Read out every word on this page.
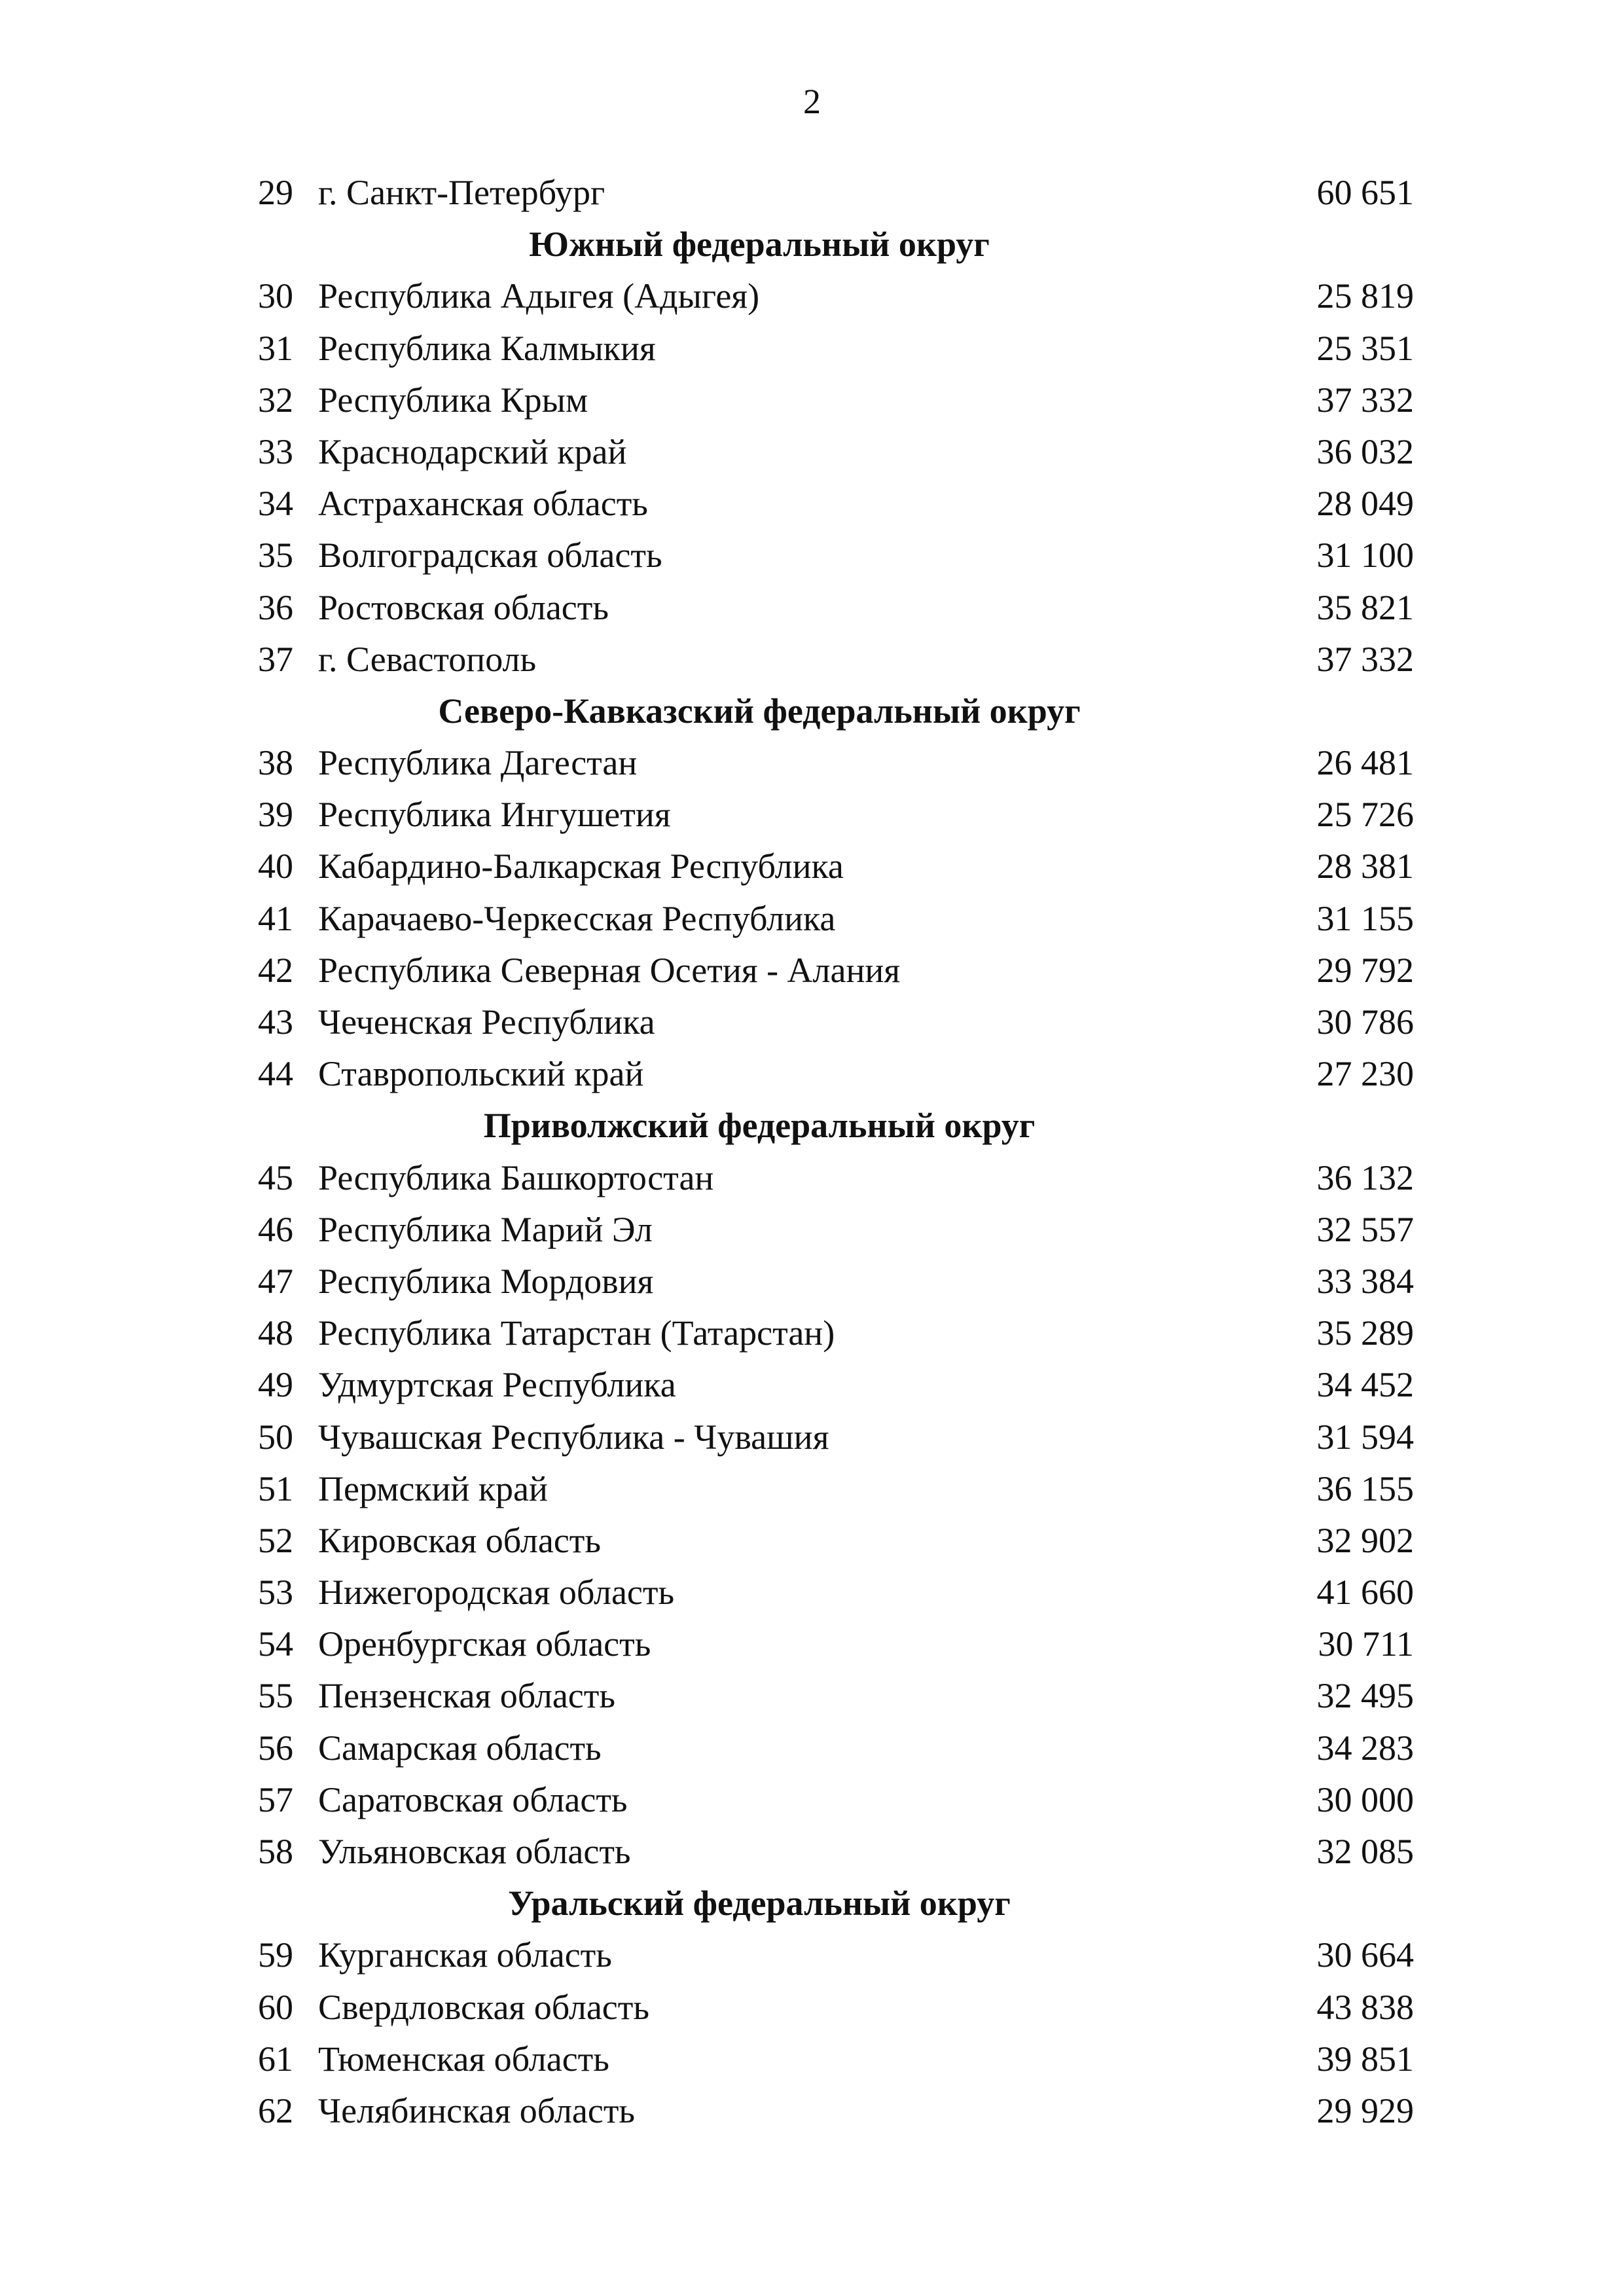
2
29 г. Санкт-Петербург	60 651
Южный федеральный округ
30 Республика Адыгея (Адыгея)	25 819
31 Республика Калмыкия	25 351
32 Республика Крым	37 332
33 Краснодарский край	36 032
34 Астраханская область	28 049
35 Волгоградская область	31 100
36 Ростовская область	35 821
37 г. Севастополь	37 332
Северо-Кавказский федеральный округ
38 Республика Дагестан	26 481
39 Республика Ингушетия	25 726
40 Кабардино-Балкарская Республика	28 381
41 Карачаево-Черкесская Республика	31 155
42 Республика Северная Осетия - Алания	29 792
43 Чеченская Республика	30 786
44 Ставропольский край	27 230
Приволжский федеральный округ
45 Республика Башкортостан	36 132
46 Республика Марий Эл	32 557
47 Республика Мордовия	33 384
48 Республика Татарстан (Татарстан)	35 289
49 Удмуртская Республика	34 452
50 Чувашская Республика - Чувашия	31 594
51 Пермский край	36 155
52 Кировская область	32 902
53 Нижегородская область	41 660
54 Оренбургская область	30 711
55 Пензенская область	32 495
56 Самарская область	34 283
57 Саратовская область	30 000
58 Ульяновская область	32 085
Уральский федеральный округ
59 Курганская область	30 664
60 Свердловская область	43 838
61 Тюменская область	39 851
62 Челябинская область	29 929
